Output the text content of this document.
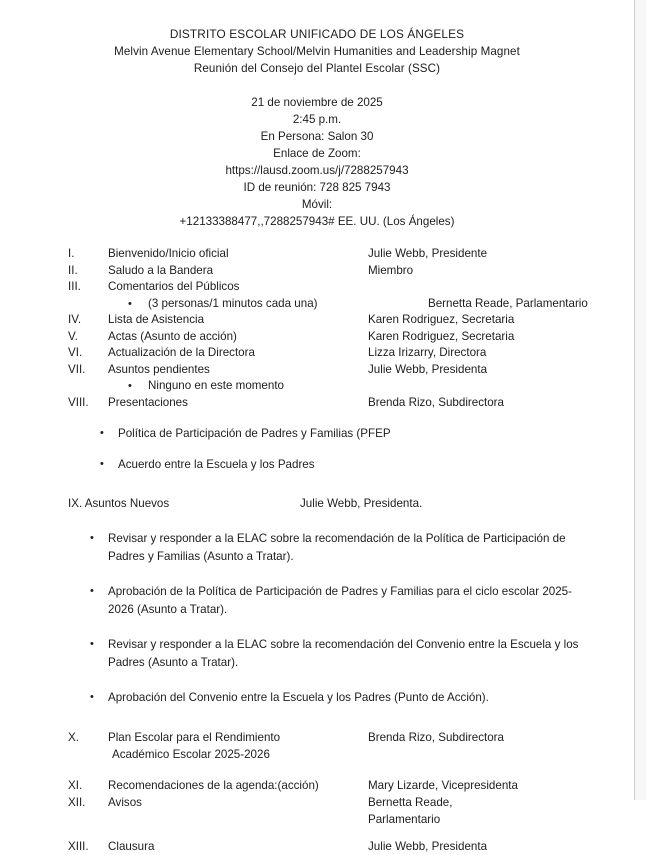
DISTRITO ESCOLAR UNIFICADO DE LOS ÁNGELES
Melvin Avenue Elementary School/Melvin Humanities and Leadership Magnet
Reunión del Consejo del Plantel Escolar (SSC)
21 de noviembre de 2025
2:45 p.m.
En Persona: Salon 30
Enlace de Zoom:
https://lausd.zoom.us/j/7288257943
ID de reunión: 728 825 7943
Móvil:
+12133388477,,7288257943# EE. UU. (Los Ángeles)
I.	Bienvenido/Inicio oficial	Julie Webb, Presidente
II.	Saludo a la Bandera	Miembro
III.	Comentarios del Públicos
•	(3 personas/1 minutos cada una)	Bernetta Reade, Parlamentario
IV.	Lista de Asistencia	Karen Rodriguez, Secretaria
V.	Actas (Asunto de acción)	Karen Rodriguez, Secretaria
VI.	Actualización de la Directora	Lizza Irizarry, Directora
VII.	Asuntos pendientes	Julie Webb, Presidenta
•	Ninguno en este momento
VIII.	Presentaciones	Brenda Rizo, Subdirectora
•	Política de Participación de Padres y Familias (PFEP
•	Acuerdo entre la Escuela y los Padres
IX. Asuntos Nuevos	Julie Webb, Presidenta.
•	Revisar y responder a la ELAC sobre la recomendación de la Política de Participación de Padres y Familias (Asunto a Tratar).
•	Aprobación de la Política de Participación de Padres y Familias para el ciclo escolar 2025-2026 (Asunto a Tratar).
•	Revisar y responder a la ELAC sobre la recomendación del Convenio entre la Escuela y los Padres (Asunto a Tratar).
•	Aprobación del Convenio entre la Escuela y los Padres (Punto de Acción).
X.	Plan Escolar para el Rendimiento	Brenda Rizo, Subdirectora
Académico Escolar 2025-2026
XI.	Recomendaciones de la agenda:(acción)	Mary Lizarde, Vicepresidenta
XII.	Avisos	Bernetta Reade,
Parlamentario
XIII.	Clausura	Julie Webb, Presidenta
